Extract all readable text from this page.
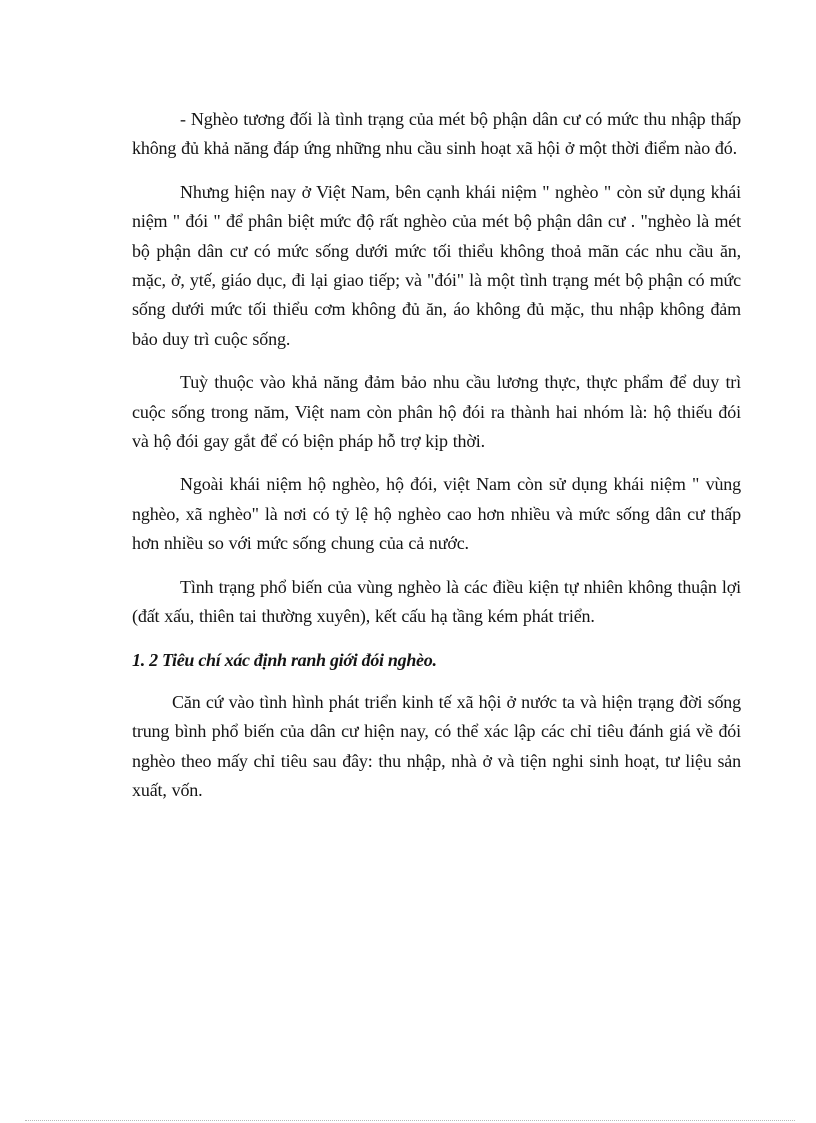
- Nghèo tương đối là tình trạng của mét bộ phận dân cư có mức thu nhập thấp không đủ khả năng đáp ứng những nhu cầu sinh hoạt xã hội ở một thời điểm nào đó.

Nhưng hiện nay ở Việt Nam, bên cạnh khái niệm " nghèo " còn sử dụng khái niệm " đói " để phân biệt mức độ rất nghèo của mét bộ phận dân cư . "nghèo là mét bộ phận dân cư có mức sống dưới mức tối thiểu không thoả mãn các nhu cầu ăn, mặc, ở, ytế, giáo dục, đi lại giao tiếp; và "đói" là một tình trạng mét bộ phận có mức sống dưới mức tối thiểu cơm không đủ ăn, áo không đủ mặc, thu nhập không đảm bảo duy trì cuộc sống.

Tuỳ thuộc vào khả năng đảm bảo nhu cầu lương thực, thực phẩm để duy trì cuộc sống trong năm, Việt nam còn phân hộ đói ra thành hai nhóm là: hộ thiếu đói và hộ đói gay gắt để có biện pháp hỗ trợ kịp thời.

Ngoài khái niệm hộ nghèo, hộ đói, việt Nam còn sử dụng khái niệm " vùng nghèo, xã nghèo" là nơi có tỷ lệ hộ nghèo cao hơn nhiều và mức sống dân cư thấp hơn nhiều so với mức sống chung của cả nước.

Tình trạng phổ biến của vùng nghèo là các điều kiện tự nhiên không thuận lợi (đất xấu, thiên tai thường xuyên), kết cấu hạ tầng kém phát triển.

1. 2 Tiêu chí xác định ranh giới đói nghèo.

Căn cứ vào tình hình phát triển kinh tế xã hội ở nước ta và hiện trạng đời sống trung bình phổ biến của dân cư hiện nay, có thể xác lập các chỉ tiêu đánh giá về đói nghèo theo mấy chỉ tiêu sau đây: thu nhập, nhà ở và tiện nghi sinh hoạt, tư liệu sản xuất, vốn.
